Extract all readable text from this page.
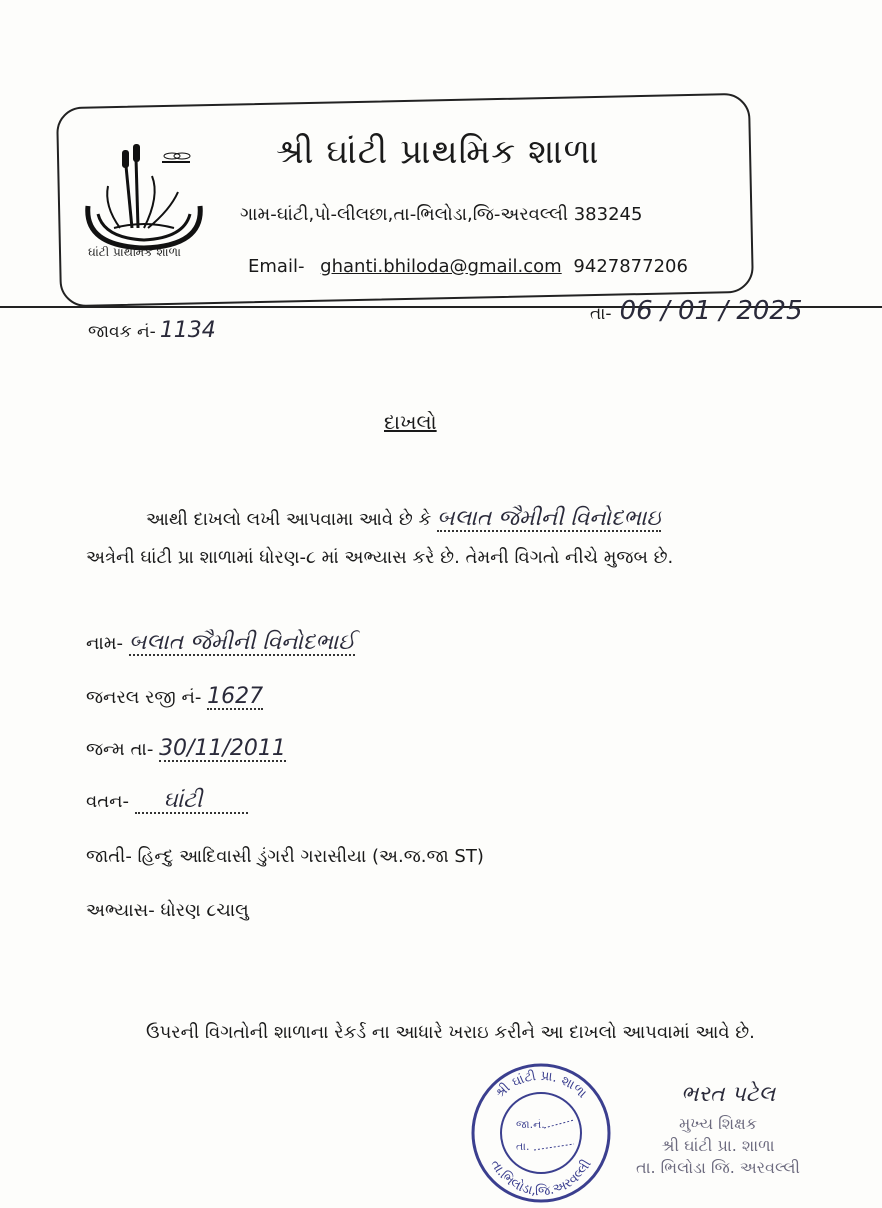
ઘાંટી પ્રાથમિક શાળા
શ્રી ઘાંટી પ્રાથમિક શાળા
ગામ-ઘાંટી,પો-લીલછા,તા-ભિલોડા,જિ-અરવલ્લી 383245
Email- ghanti.bhiloda@gmail.com 9427877206
જાવક નં- 1134
તા- 06 / 01 / 2025
દાખલો
આથી દાખલો લખી આપવામા આવે છે કે બલાત જૈમીની વિનોદભાઇ
અત્રેની ઘાંટી પ્રા શાળામાં ધોરણ-૮ માં અભ્યાસ કરે છે. તેમની વિગતો નીચે મુજબ છે.
નામ- બલાત જૈમીની વિનોદભાઈ
જનરલ રજી નં- 1627
જન્મ તા- 30/11/2011
વતન- ઘાંટી
જાતી- હિન્દુ આદિવાસી ડુંગરી ગરાસીયા (અ.જ.જા ST)
અભ્યાસ- ધોરણ ૮ચાલુ
ઉપરની વિગતોની શાળાના રેકર્ડ ના આધારે ખરાઇ કરીને આ દાખલો આપવામાં આવે છે.
શ્રી ઘાંટી પ્રા. શાળા
તા.ભિલોડા,જિ.અરવલ્લી
જા.નં.
તા.
ભરત પટેલ
મુખ્ય શિક્ષક
શ્રી ઘાંટી પ્રા. શાળા
તા. ભિલોડા જિ. અરવલ્લી
